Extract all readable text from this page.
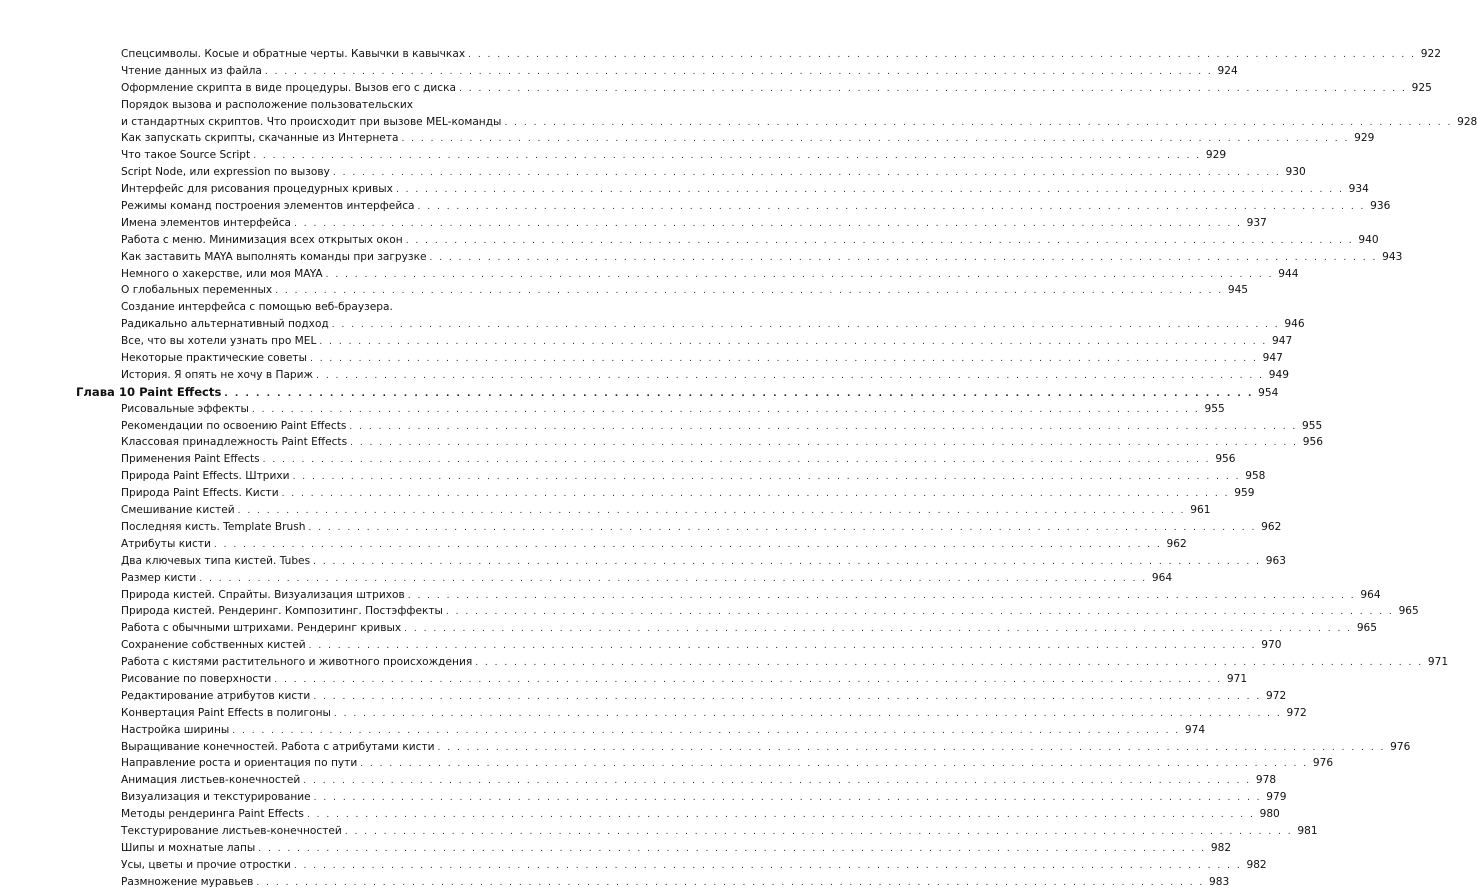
Спецсимволы. Косые и обратные черты. Кавычки в кавычках . . .	922
Чтение данных из файла . . .	924
Оформление скрипта в виде процедуры. Вызов его с диска . . .	925
Порядок вызова и расположение пользовательских
и стандартных скриптов. Что происходит при вызове MEL-команды . . .	928
Как запускать скрипты, скачанные из Интернета . . .	929
Что такое Source Script . . .	929
Script Node, или expression по вызову . . .	930
Интерфейс для рисования процедурных кривых . . .	934
Режимы команд построения элементов интерфейса . . .	936
Имена элементов интерфейса . . .	937
Работа с меню. Минимизация всех открытых окон . . .	940
Как заставить MAYA выполнять команды при загрузке . . .	943
Немного о хакерстве, или моя MAYA . . .	944
О глобальных переменных . . .	945
Создание интерфейса с помощью веб-браузера.
Радикально альтернативный подход . . .	946
Все, что вы хотели узнать про MEL . . .	947
Некоторые практические советы . . .	947
История. Я опять не хочу в Париж . . .	949
Глава 10 Paint Effects . . .	954
Рисовальные эффекты . . .	955
Рекомендации по освоению Paint Effects . . .	955
Классовая принадлежность Paint Effects . . .	956
Применения Paint Effects . . .	956
Природа Paint Effects. Штрихи . . .	958
Природа Paint Effects. Кисти . . .	959
Смешивание кистей . . .	961
Последняя кисть. Template Brush . . .	962
Атрибуты кисти . . .	962
Два ключевых типа кистей. Tubes . . .	963
Размер кисти . . .	964
Природа кистей. Спрайты. Визуализация штрихов . . .	964
Природа кистей. Рендеринг. Композитинг. Постэффекты . . .	965
Работа с обычными штрихами. Рендеринг кривых . . .	965
Сохранение собственных кистей . . .	970
Работа с кистями растительного и животного происхождения . . .	971
Рисование по поверхности . . .	971
Редактирование атрибутов кисти . . .	972
Конвертация Paint Effects в полигоны . . .	972
Настройка ширины . . .	974
Выращивание конечностей. Работа с атрибутами кисти . . .	976
Направление роста и ориентация по пути . . .	976
Анимация листьев-конечностей . . .	978
Визуализация и текстурирование . . .	979
Методы рендеринга Paint Effects . . .	980
Текстурирование листьев-конечностей . . .	981
Шипы и мохнатые лапы . . .	982
Усы, цветы и прочие отростки . . .	982
Размножение муравьев . . .	983
